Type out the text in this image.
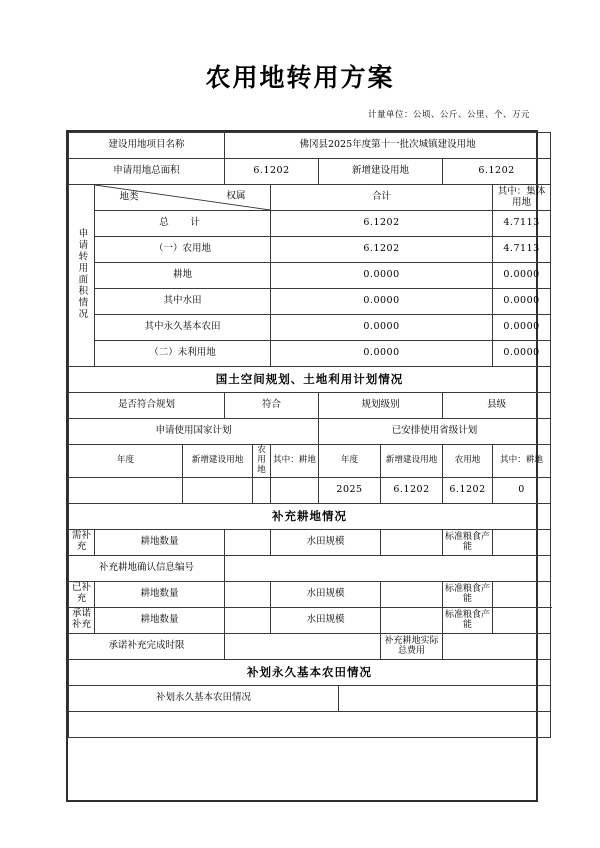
农用地转用方案
计量单位：公顷、公斤、公里、个、万元
建设用地项目名称			佛冈县2025年度第十一批次城镇建设用地							
申请用地总面积			6.1202			新增建设用地			6.1202	
申请转用面积情况	地类 权属				合计					其中：集体用地
	总　计				6.1202					4.7113
	（一）农用地				6.1202					4.7113
	耕地				0.0000					0.0000
	其中水田				0.0000					0.0000
	其中永久基本农田				0.0000					0.0000
	（二）未利用地				0.0000					0.0000
国土空间规划、土地利用计划情况										
是否符合规划			符合			规划级别			县级	
申请使用国家计划						已安排使用省级计划				
年度		新增建设用地		农用地	其中：耕地	年度		新增建设用地	农用地	其中：耕地
						2025		6.1202	6.1202	0
补充耕地情况										
需补充	耕地数量				水田规模				标准粮食产能	
补充耕地确认信息编号										
已补充	耕地数量				水田规模				标准粮食产能	
承诺补充	耕地数量				水田规模				标准粮食产能	
承诺补充完成时限								补充耕地实际总费用		
补划永久基本农田情况										
补划永久基本农田情况										
